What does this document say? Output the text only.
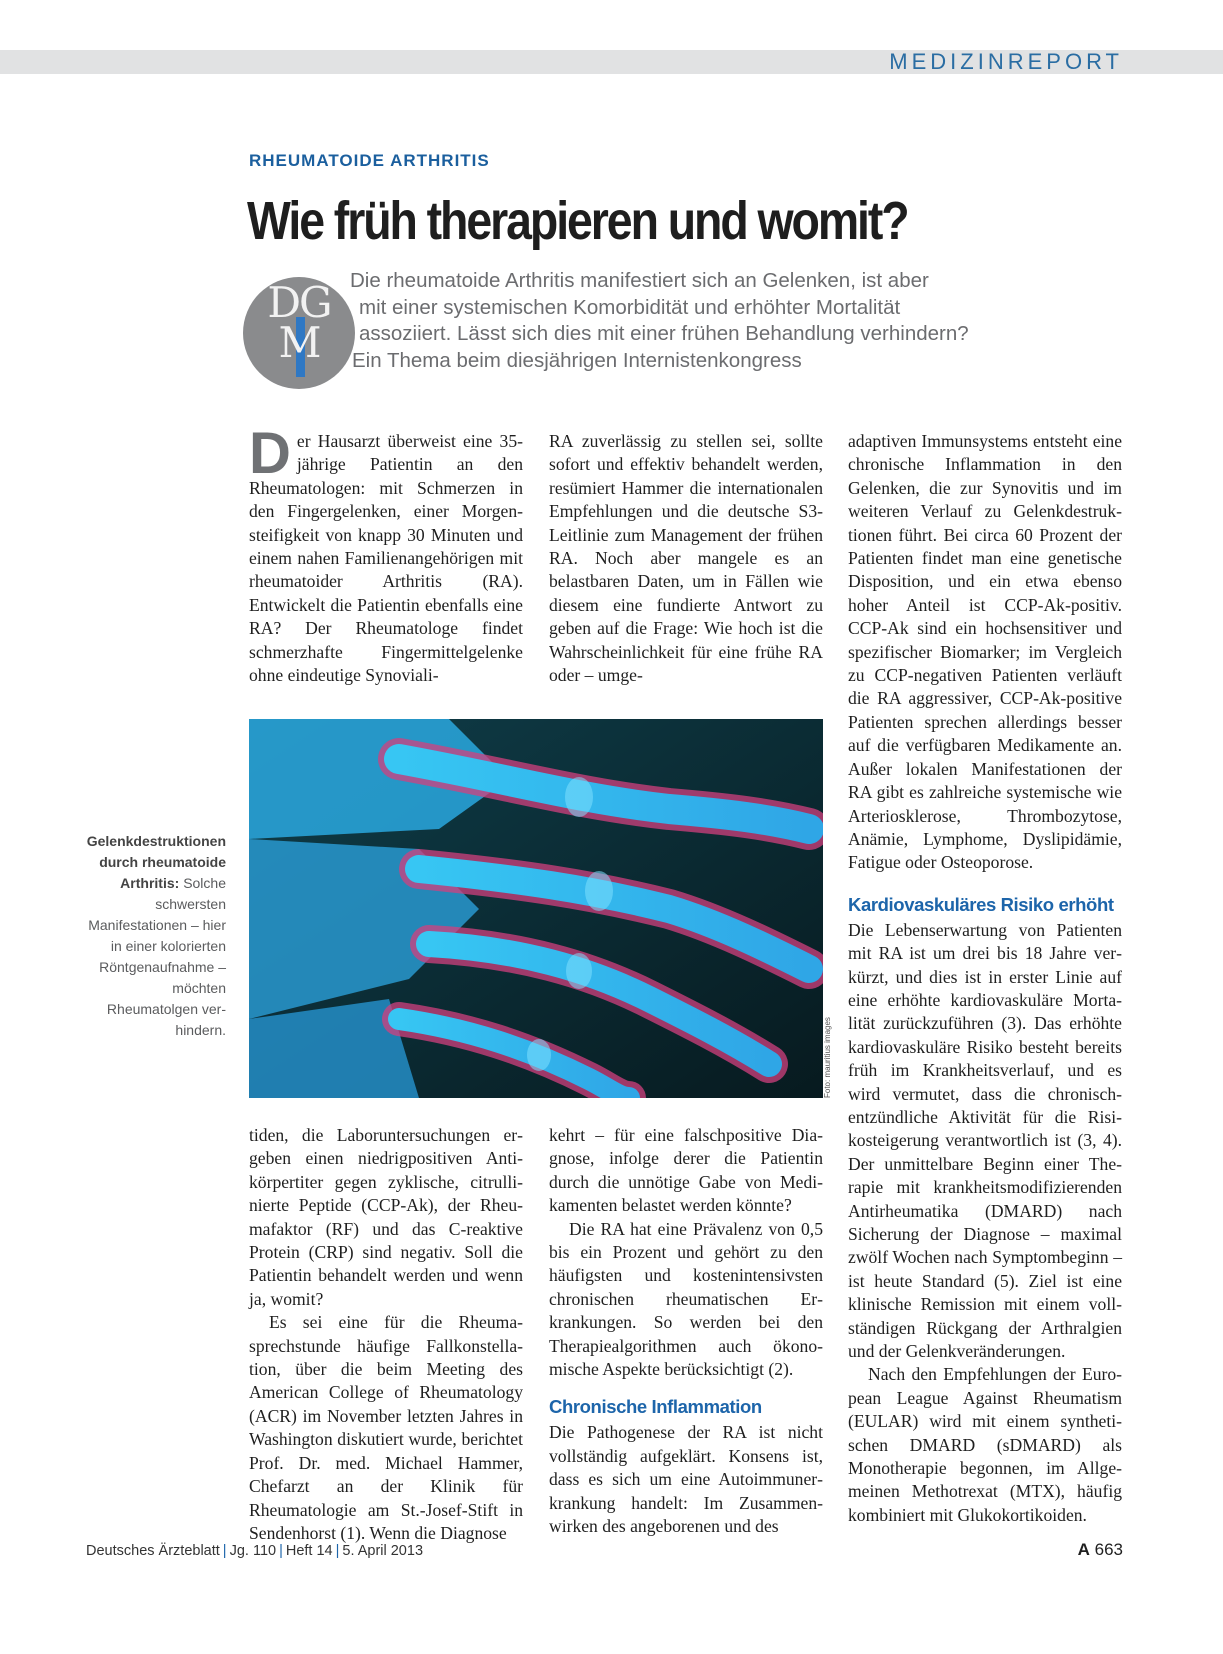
MEDIZINREPORT
RHEUMATOIDE ARTHRITIS
Wie früh therapieren und womit?
DG
M
Die rheumatoide Arthritis manifestiert sich an Gelenken, ist aber
mit einer systemischen Komorbidität und erhöhter Mortalität
assoziiert. Lässt sich dies mit einer frühen Behandlung verhindern?
Ein Thema beim diesjährigen Internistenkongress

Der Hausarzt überweist eine 35-jährige Patientin an den Rheumatologen: mit Schmerzen in den Fingergelenken, einer Morgensteifigkeit von knapp 30 Minuten und einem nahen Familienangehörigen mit rheumatoider Arthritis (RA). Entwickelt die Patientin ebenfalls eine RA? Der Rheumatologe findet schmerzhafte Fingermittelgelenke ohne eindeutige Synoviali-

RA zuverlässig zu stellen sei, sollte sofort und effektiv behandelt werden, resümiert Hammer die internationalen Empfehlungen und die deutsche S3-Leitlinie zum Management der frühen RA. Noch aber mangele es an belastbaren Daten, um in Fällen wie diesem eine fundierte Antwort zu geben auf die Frage: Wie hoch ist die Wahrscheinlichkeit für eine frühe RA oder – umge-

Foto: mauritius images
Gelenkdestruktionen durch rheumatoide Arthritis: Solche schwersten Manifestationen – hier in einer kolorierten Röntgenaufnahme – möchten Rheumatolgen verhindern.

tiden, die Laboruntersuchungen ergeben einen niedrigpositiven Antikörpertiter gegen zyklische, citrullinierte Peptide (CCP-Ak), der Rheumafaktor (RF) und das C-reaktive Protein (CRP) sind negativ. Soll die Patientin behandelt werden und wenn ja, womit?

Es sei eine für die Rheumasprechstunde häufige Fallkonstellation, über die beim Meeting des American College of Rheumatology (ACR) im November letzten Jahres in Washington diskutiert wurde, berichtet Prof. Dr. med. Michael Hammer, Chefarzt an der Klinik für Rheumatologie am St.-Josef-Stift in Sendenhorst (1). Wenn die Diagnose

kehrt – für eine falschpositive Diagnose, infolge derer die Patientin durch die unnötige Gabe von Medikamenten belastet werden könnte?

Die RA hat eine Prävalenz von 0,5 bis ein Prozent und gehört zu den häufigsten und kostenintensivsten chronischen rheumatischen Erkrankungen. So werden bei den Therapiealgorithmen auch ökonomische Aspekte berücksichtigt (2).

Chronische Inflammation

Die Pathogenese der RA ist nicht vollständig aufgeklärt. Konsens ist, dass es sich um eine Autoimmunerkrankung handelt: Im Zusammenwirken des angeborenen und des

adaptiven Immunsystems entsteht eine chronische Inflammation in den Gelenken, die zur Synovitis und im weiteren Verlauf zu Gelenkdestruktionen führt. Bei circa 60 Prozent der Patienten findet man eine genetische Disposition, und ein etwa ebenso hoher Anteil ist CCP-Ak-positiv. CCP-Ak sind ein hochsensitiver und spezifischer Biomarker; im Vergleich zu CCP-negativen Patienten verläuft die RA aggressiver, CCP-Ak-positive Patienten sprechen allerdings besser auf die verfügbaren Medikamente an. Außer lokalen Manifestationen der RA gibt es zahlreiche systemische wie Arteriosklerose, Thrombozytose, Anämie, Lymphome, Dyslipidämie, Fatigue oder Osteoporose.

Kardiovaskuläres Risiko erhöht

Die Lebenserwartung von Patienten mit RA ist um drei bis 18 Jahre verkürzt, und dies ist in erster Linie auf eine erhöhte kardiovaskuläre Mortalität zurückzuführen (3). Das erhöhte kardiovaskuläre Risiko besteht bereits früh im Krankheitsverlauf, und es wird vermutet, dass die chronischentzündliche Aktivität für die Risikosteigerung verantwortlich ist (3, 4). Der unmittelbare Beginn einer Therapie mit krankheitsmodifizierenden Antirheumatika (DMARD) nach Sicherung der Diagnose – maximal zwölf Wochen nach Symptombeginn – ist heute Standard (5). Ziel ist eine klinische Remission mit einem vollständigen Rückgang der Arthralgien und der Gelenkveränderungen.

Nach den Empfehlungen der European League Against Rheumatism (EULAR) wird mit einem synthetischen DMARD (sDMARD) als Monotherapie begonnen, im Allgemeinen Methotrexat (MTX), häufig kombiniert mit Glukokortikoiden.

Deutsches Ärzteblatt | Jg. 110 | Heft 14 | 5. April 2013	A 663
